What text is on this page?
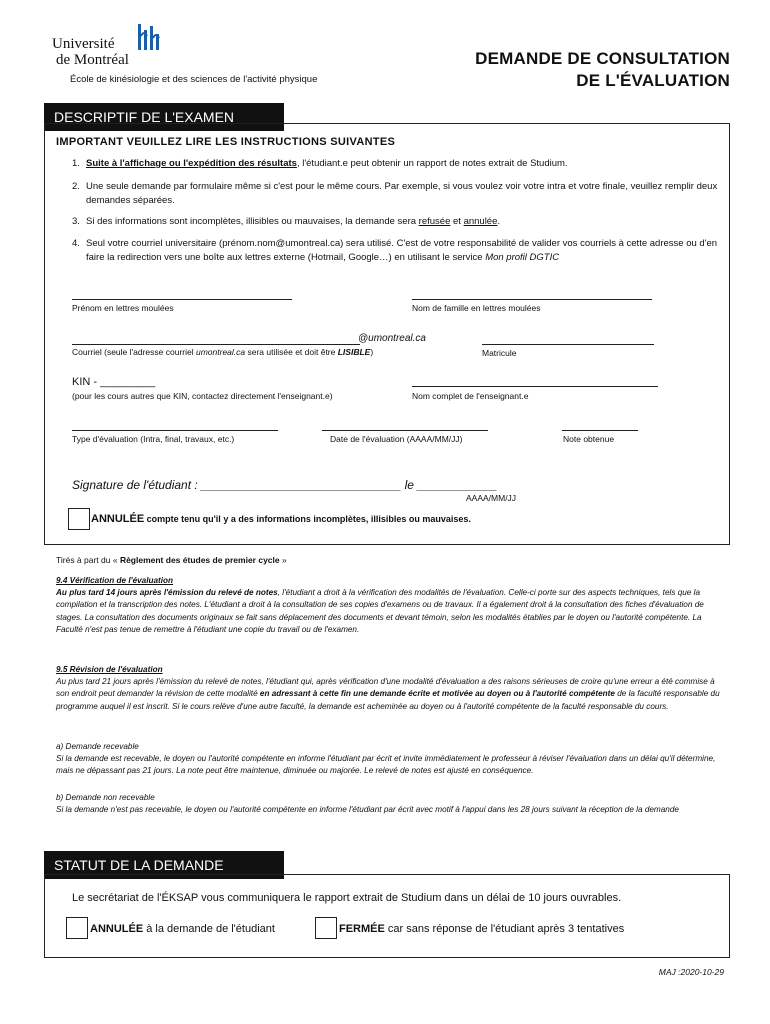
Université
de Montréal
École de kinésiologie et des sciences de l'activité physique
DEMANDE DE CONSULTATION
DE L'ÉVALUATION
DESCRIPTIF DE L'EXAMEN
IMPORTANT VEUILLEZ LIRE LES INSTRUCTIONS SUIVANTES
1. Suite à l'affichage ou l'expédition des résultats, l'étudiant.e peut obtenir un rapport de notes extrait de Studium.
2. Une seule demande par formulaire même si c'est pour le même cours. Par exemple, si vous voulez voir votre intra et votre finale, veuillez remplir deux demandes séparées.
3. Si des informations sont incomplètes, illisibles ou mauvaises, la demande sera refusée et annulée.
4. Seul votre courriel universitaire (prénom.nom@umontreal.ca) sera utilisé. C'est de votre responsabilité de valider vos courriels à cette adresse ou d'en faire la redirection vers une boîte aux lettres externe (Hotmail, Google…) en utilisant le service Mon profil DGTIC
Prénom en lettres moulées	Nom de famille en lettres moulées
@umontreal.ca
Courriel (seule l'adresse courriel umontreal.ca sera utilisée et doit être LISIBLE)	Matricule
KIN - _________
(pour les cours autres que KIN, contactez directement l'enseignant.e)	Nom complet de l'enseignant.e
Type d'évaluation (Intra, final, travaux, etc.)	Date de l'évaluation (AAAA/MM/JJ)	Note obtenue
Signature de l'étudiant : ______________________________ le ____________
AAAA/MM/JJ
ANNULÉE compte tenu qu'il y a des informations incomplètes, illisibles ou mauvaises.
Tirés à part du « Règlement des études de premier cycle »
9.4 Vérification de l'évaluation
Au plus tard 14 jours après l'émission du relevé de notes, l'étudiant a droit à la vérification des modalités de l'évaluation. Celle-ci porte sur des aspects techniques, tels que la compilation et la transcription des notes. L'étudiant a droit à la consultation de ses copies d'examens ou de travaux. Il a également droit à la consultation des fiches d'évaluation de stages. La consultation des documents originaux se fait sans déplacement des documents et devant témoin, selon les modalités établies par le doyen ou l'autorité compétente. La Faculté n'est pas tenue de remettre à l'étudiant une copie du travail ou de l'examen.
9.5 Révision de l'évaluation
Au plus tard 21 jours après l'émission du relevé de notes, l'étudiant qui, après vérification d'une modalité d'évaluation a des raisons sérieuses de croire qu'une erreur a été commise à son endroit peut demander la révision de cette modalité en adressant à cette fin une demande écrite et motivée au doyen ou à l'autorité compétente de la faculté responsable du programme auquel il est inscrit. Si le cours relève d'une autre faculté, la demande est acheminée au doyen ou à l'autorité compétente de la faculté responsable du cours.
a) Demande recevable
Si la demande est recevable, le doyen ou l'autorité compétente en informe l'étudiant par écrit et invite immédiatement le professeur à réviser l'évaluation dans un délai qu'il détermine, mais ne dépassant pas 21 jours. La note peut être maintenue, diminuée ou majorée. Le relevé de notes est ajusté en conséquence.
b) Demande non recevable
Si la demande n'est pas recevable, le doyen ou l'autorité compétente en informe l'étudiant par écrit avec motif à l'appui dans les 28 jours suivant la réception de la demande
STATUT DE LA DEMANDE
Le secrétariat de l'ÉKSAP vous communiquera le rapport extrait de Studium dans un délai de 10 jours ouvrables.
ANNULÉE à la demande de l'étudiant	FERMÉE car sans réponse de l'étudiant après 3 tentatives
MAJ :2020-10-29
